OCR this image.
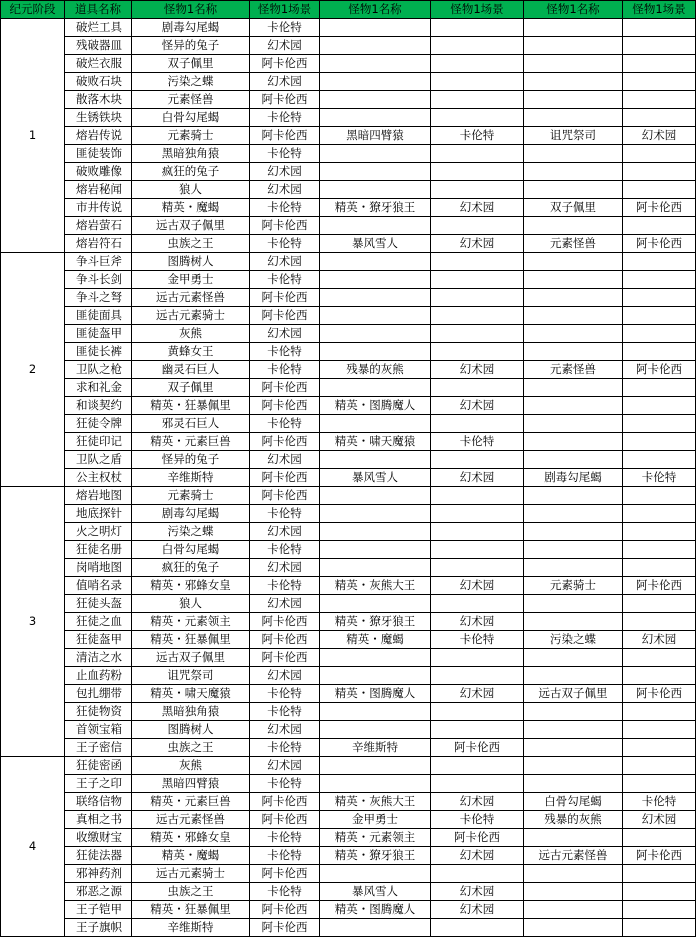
纪元阶段	道具名称	怪物1名称	怪物1场景	怪物1名称	怪物1场景	怪物1名称	怪物1场景
1	破烂工具	剧毒勾尾蝎	卡伦特				
	残破器皿	怪异的兔子	幻术园				
	破烂衣服	双子佩里	阿卡伦西				
	破败石块	污染之蝶	幻术园				
	散落木块	元素怪兽	阿卡伦西				
	生锈铁块	白骨勾尾蝎	卡伦特				
	熔岩传说	元素骑士	阿卡伦西	黑暗四臂猿	卡伦特	诅咒祭司	幻术园
	匪徒装饰	黑暗独角猿	卡伦特				
	破败雕像	疯狂的兔子	幻术园				
	熔岩秘闻	狼人	幻术园				
	市井传说	精英・魔蝎	卡伦特	精英・獠牙狼王	幻术园	双子佩里	阿卡伦西
	熔岩萤石	远古双子佩里	阿卡伦西				
	熔岩符石	虫族之王	卡伦特	暴风雪人	幻术园	元素怪兽	阿卡伦西
2	争斗巨斧	图腾树人	幻术园				
	争斗长剑	金甲勇士	卡伦特				
	争斗之弩	远古元素怪兽	阿卡伦西				
	匪徒面具	远古元素骑士	阿卡伦西				
	匪徒盔甲	灰熊	幻术园				
	匪徒长裤	黄蜂女王	卡伦特				
	卫队之枪	幽灵石巨人	卡伦特	残暴的灰熊	幻术园	元素怪兽	阿卡伦西
	求和礼金	双子佩里	阿卡伦西				
	和谈契约	精英・狂暴佩里	阿卡伦西	精英・图腾魔人	幻术园		
	狂徒令牌	邪灵石巨人	卡伦特				
	狂徒印记	精英・元素巨兽	阿卡伦西	精英・啸天魔猿	卡伦特		
	卫队之盾	怪异的兔子	幻术园				
	公主权杖	辛维斯特	阿卡伦西	暴风雪人	幻术园	剧毒勾尾蝎	卡伦特
3	熔岩地图	元素骑士	阿卡伦西				
	地底探针	剧毒勾尾蝎	卡伦特				
	火之明灯	污染之蝶	幻术园				
	狂徒名册	白骨勾尾蝎	卡伦特				
	岗哨地图	疯狂的兔子	幻术园				
	值哨名录	精英・邪蜂女皇	卡伦特	精英・灰熊大王	幻术园	元素骑士	阿卡伦西
	狂徒头盔	狼人	幻术园				
	狂徒之血	精英・元素领主	阿卡伦西	精英・獠牙狼王	幻术园		
	狂徒盔甲	精英・狂暴佩里	阿卡伦西	精英・魔蝎	卡伦特	污染之蝶	幻术园
	清洁之水	远古双子佩里	阿卡伦西				
	止血药粉	诅咒祭司	幻术园				
	包扎绷带	精英・啸天魔猿	卡伦特	精英・图腾魔人	幻术园	远古双子佩里	阿卡伦西
	狂徒物资	黑暗独角猿	卡伦特				
	首领宝箱	图腾树人	幻术园				
	王子密信	虫族之王	卡伦特	辛维斯特	阿卡伦西		
4	狂徒密函	灰熊	幻术园				
	王子之印	黑暗四臂猿	卡伦特				
	联络信物	精英・元素巨兽	阿卡伦西	精英・灰熊大王	幻术园	白骨勾尾蝎	卡伦特
	真相之书	远古元素怪兽	阿卡伦西	金甲勇士	卡伦特	残暴的灰熊	幻术园
	收缴财宝	精英・邪蜂女皇	卡伦特	精英・元素领主	阿卡伦西		
	狂徒法器	精英・魔蝎	卡伦特	精英・獠牙狼王	幻术园	远古元素怪兽	阿卡伦西
	邪神药剂	远古元素骑士	阿卡伦西				
	邪恶之源	虫族之王	卡伦特	暴风雪人	幻术园		
	王子铠甲	精英・狂暴佩里	阿卡伦西	精英・图腾魔人	幻术园		
	王子旗帜	辛维斯特	阿卡伦西				
